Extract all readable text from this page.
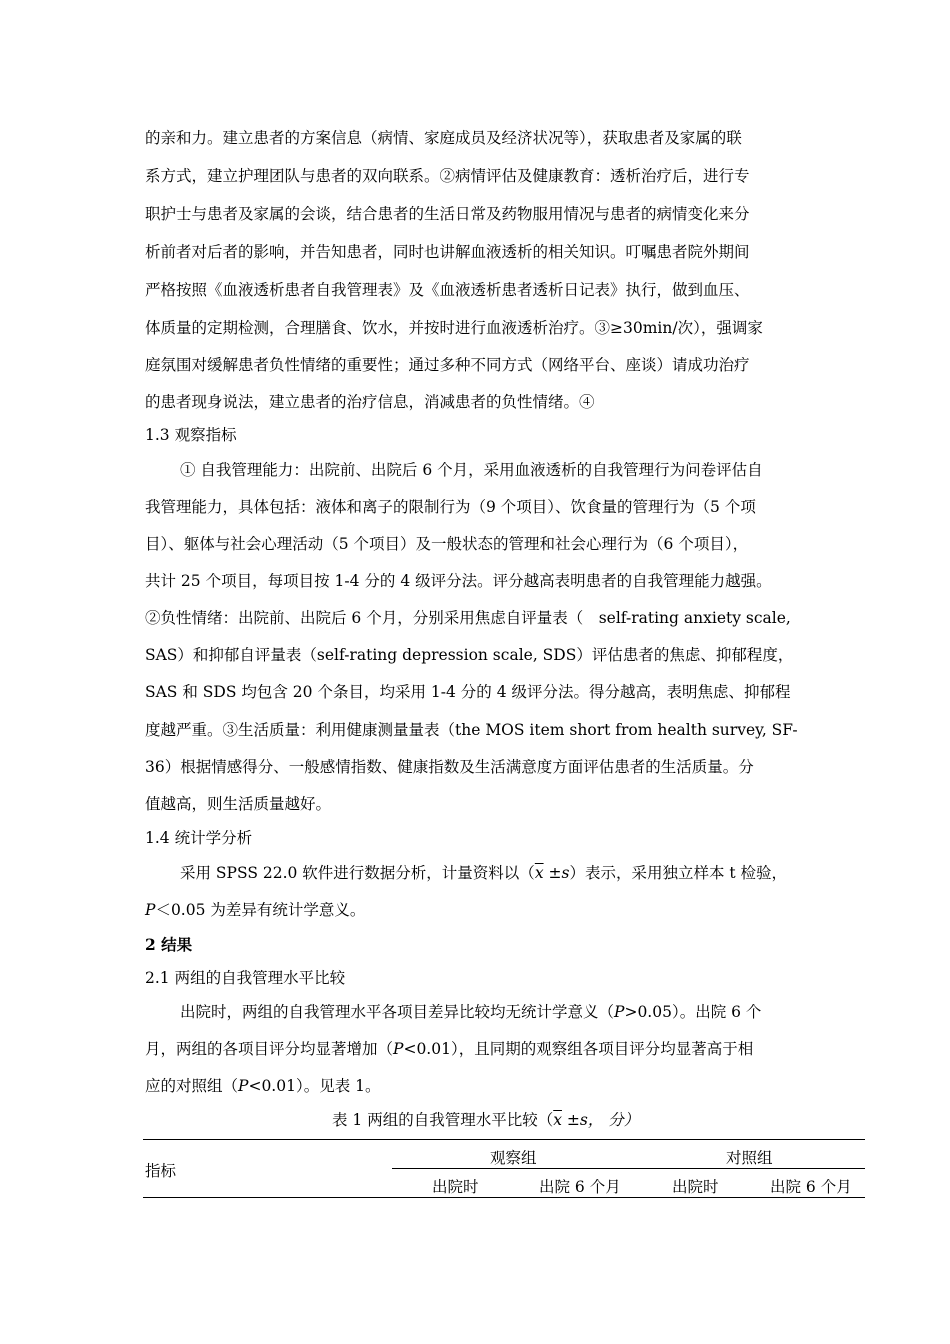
的亲和力。建立患者的方案信息（病情、家庭成员及经济状况等），获取患者及家属的联
系方式，建立护理团队与患者的双向联系。②病情评估及健康教育：透析治疗后，进行专
职护士与患者及家属的会谈，结合患者的生活日常及药物服用情况与患者的病情变化来分
析前者对后者的影响，并告知患者，同时也讲解血液透析的相关知识。叮嘱患者院外期间
严格按照《血液透析患者自我管理表》及《血液透析患者透析日记表》执行，做到血压、
体质量的定期检测，合理膳食、饮水，并按时进行血液透析治疗。③≥30min/次），强调家
庭氛围对缓解患者负性情绪的重要性；通过多种不同方式（网络平台、座谈）请成功治疗
的患者现身说法，建立患者的治疗信息，消减患者的负性情绪。④
1.3 观察指标
① 自我管理能力：出院前、出院后 6 个月，采用血液透析的自我管理行为问卷评估自
我管理能力，具体包括：液体和离子的限制行为（9 个项目）、饮食量的管理行为（5 个项
目）、躯体与社会心理活动（5 个项目）及一般状态的管理和社会心理行为（6 个项目），
共计 25 个项目，每项目按 1-4 分的 4 级评分法。评分越高表明患者的自我管理能力越强。
②负性情绪：出院前、出院后 6 个月，分别采用焦虑自评量表（　self-rating anxiety scale,
SAS）和抑郁自评量表（self-rating depression scale, SDS）评估患者的焦虑、抑郁程度，
SAS 和 SDS 均包含 20 个条目，均采用 1-4 分的 4 级评分法。得分越高，表明焦虑、抑郁程
度越严重。③生活质量：利用健康测量量表（the MOS item short from health survey, SF-
36）根据情感得分、一般感情指数、健康指数及生活满意度方面评估患者的生活质量。分
值越高，则生活质量越好。
1.4 统计学分析
采用 SPSS 22.0 软件进行数据分析，计量资料以$(\overline{x} \pm s)$表示，采用独立样本 t 检验，
P＜0.05 为差异有统计学意义。
2 结果
2.1 两组的自我管理水平比较
出院时，两组的自我管理水平各项目差异比较均无统计学意义（P>0.05）。出院 6 个
月，两组的各项目评分均显著增加（P<0.01），且同期的观察组各项目评分均显著高于相
应的对照组（P<0.01）。见表 1。
表 1 两组的自我管理水平比较（$\overline{x} \pm s$， 分）
指标
观察组	对照组
出院时	出院 6 个月	出院时	出院 6 个月
